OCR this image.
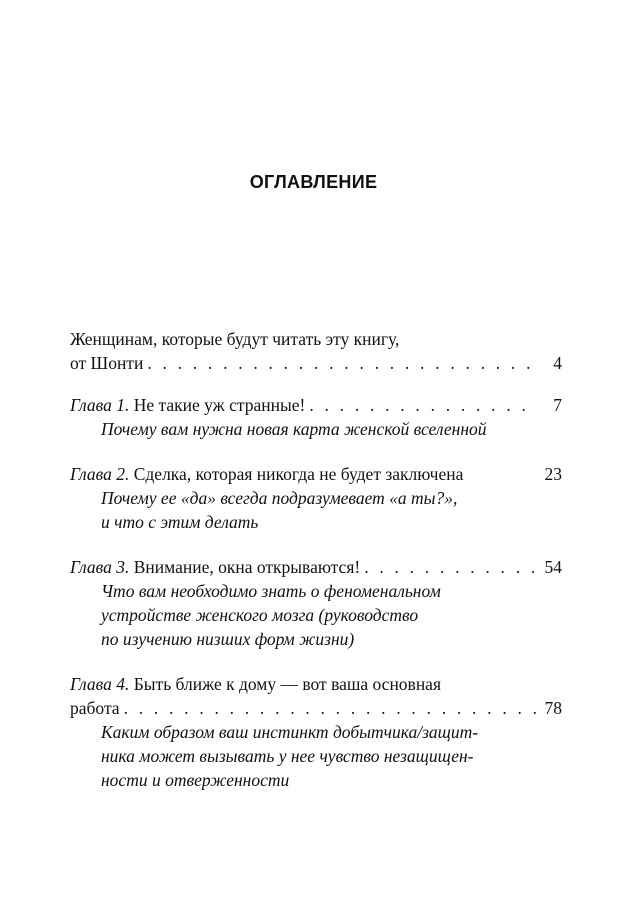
ОГЛАВЛЕНИЕ
Женщинам, которые будут читать эту книгу,
от Шонти . . .	4
Глава 1. Не такие уж странные! . . .	7
Почему вам нужна новая карта женской вселенной
Глава 2. Сделка, которая никогда не будет заключена	23
Почему ее «да» всегда подразумевает «а ты?»,
и что с этим делать
Глава 3. Внимание, окна открываются! . . .	54
Что вам необходимо знать о феноменальном
устройстве женского мозга (руководство
по изучению низших форм жизни)
Глава 4. Быть ближе к дому — вот ваша основная
работа . . .	78
Каким образом ваш инстинкт добытчика/защит-
ника может вызывать у нее чувство незащищен-
ности и отверженности
